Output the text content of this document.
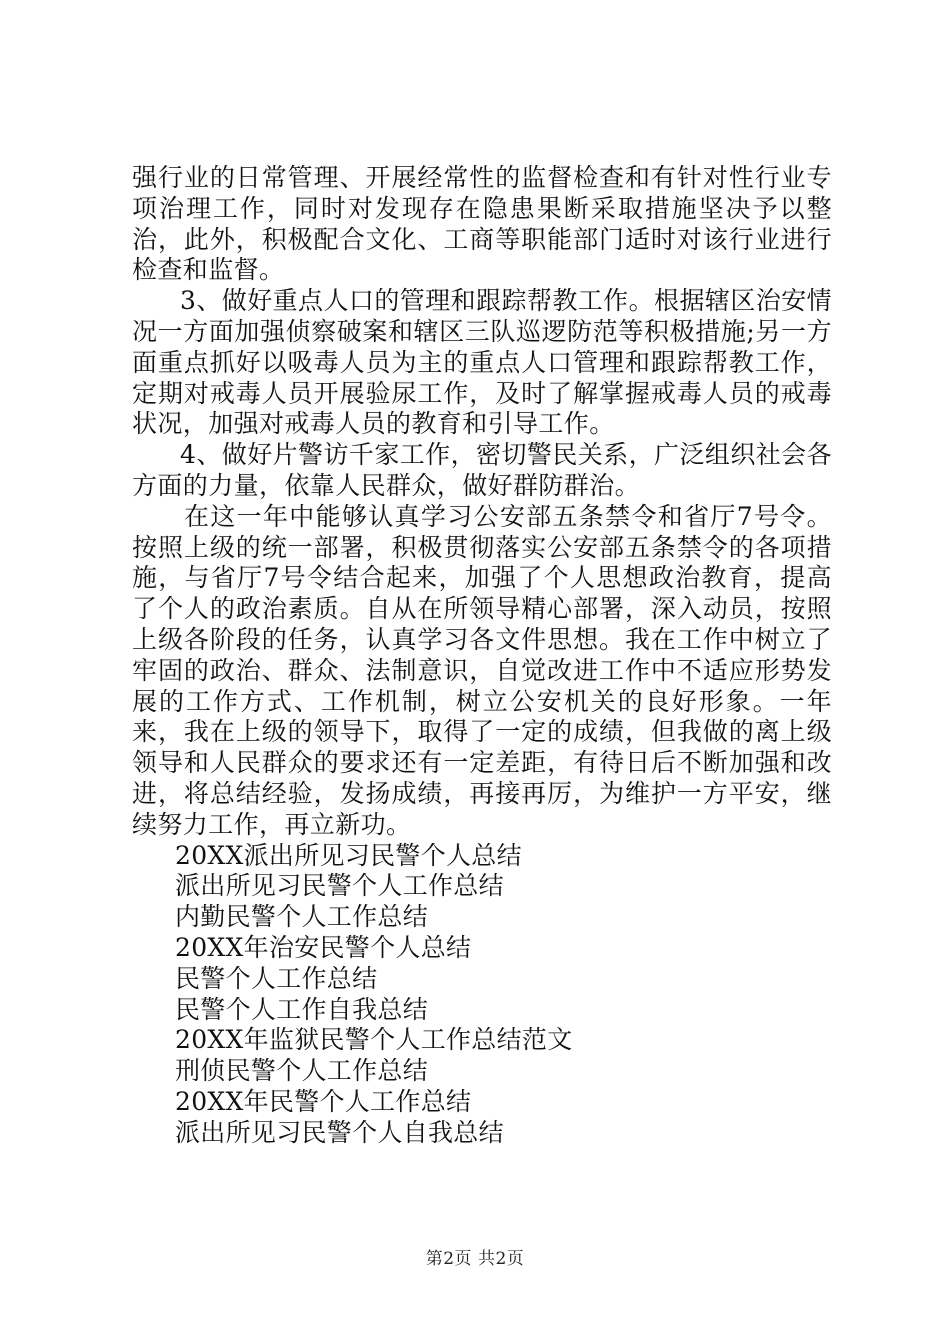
强行业的日常管理、开展经常性的监督检查和有针对性行业专项治理工作，同时对发现存在隐患果断采取措施坚决予以整治，此外，积极配合文化、工商等职能部门适时对该行业进行检查和监督。

3、做好重点人口的管理和跟踪帮教工作。根据辖区治安情况一方面加强侦察破案和辖区三队巡逻防范等积极措施;另一方面重点抓好以吸毒人员为主的重点人口管理和跟踪帮教工作，定期对戒毒人员开展验尿工作，及时了解掌握戒毒人员的戒毒状况，加强对戒毒人员的教育和引导工作。

4、做好片警访千家工作，密切警民关系，广泛组织社会各方面的力量，依靠人民群众，做好群防群治。

在这一年中能够认真学习公安部五条禁令和省厅7号令。按照上级的统一部署，积极贯彻落实公安部五条禁令的各项措施，与省厅7号令结合起来，加强了个人思想政治教育，提高了个人的政治素质。自从在所领导精心部署，深入动员，按照上级各阶段的任务，认真学习各文件思想。我在工作中树立了牢固的政治、群众、法制意识，自觉改进工作中不适应形势发展的工作方式、工作机制，树立公安机关的良好形象。一年来，我在上级的领导下，取得了一定的成绩，但我做的离上级领导和人民群众的要求还有一定差距，有待日后不断加强和改进，将总结经验，发扬成绩，再接再厉，为维护一方平安，继续努力工作，再立新功。

20XX派出所见习民警个人总结
派出所见习民警个人工作总结
内勤民警个人工作总结
20XX年治安民警个人总结
民警个人工作总结
民警个人工作自我总结
20XX年监狱民警个人工作总结范文
刑侦民警个人工作总结
20XX年民警个人工作总结
派出所见习民警个人自我总结
第2页 共2页
